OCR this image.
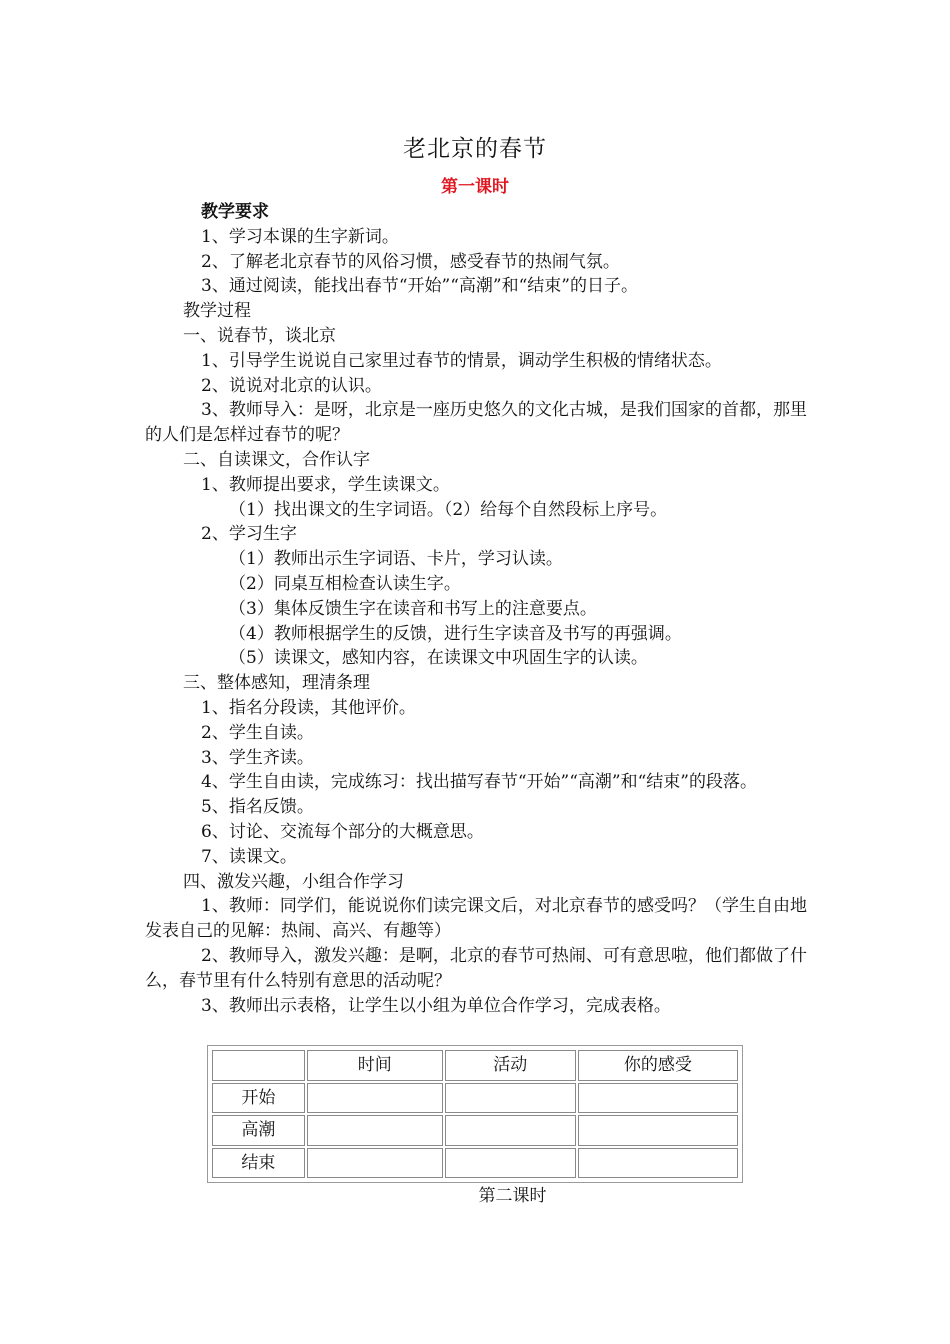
老北京的春节
第一课时

教学要求

1、学习本课的生字新词。

2、了解老北京春节的风俗习惯，感受春节的热闹气氛。

3、通过阅读，能找出春节“开始”“高潮”和“结束”的日子。

教学过程

一、说春节，谈北京

1、引导学生说说自己家里过春节的情景，调动学生积极的情绪状态。

2、说说对北京的认识。

3、教师导入：是呀，北京是一座历史悠久的文化古城，是我们国家的首都，那里的人们是怎样过春节的呢？

二、自读课文，合作认字

1、教师提出要求，学生读课文。

（1）找出课文的生字词语。（2）给每个自然段标上序号。

2、学习生字

（1）教师出示生字词语、卡片，学习认读。

（2）同桌互相检查认读生字。

（3）集体反馈生字在读音和书写上的注意要点。

（4）教师根据学生的反馈，进行生字读音及书写的再强调。

（5）读课文，感知内容，在读课文中巩固生字的认读。

三、整体感知，理清条理

1、指名分段读，其他评价。

2、学生自读。

3、学生齐读。

4、学生自由读，完成练习：找出描写春节“开始”“高潮”和“结束”的段落。

5、指名反馈。

6、讨论、交流每个部分的大概意思。

7、读课文。

四、激发兴趣，小组合作学习

1、教师：同学们，能说说你们读完课文后，对北京春节的感受吗？（学生自由地发表自己的见解：热闹、高兴、有趣等）

2、教师导入，激发兴趣：是啊，北京的春节可热闹、可有意思啦，他们都做了什么，春节里有什么特别有意思的活动呢？

3、教师出示表格，让学生以小组为单位合作学习，完成表格。

	时间	活动	你的感受
开始			
高潮			
结束			
第二课时
